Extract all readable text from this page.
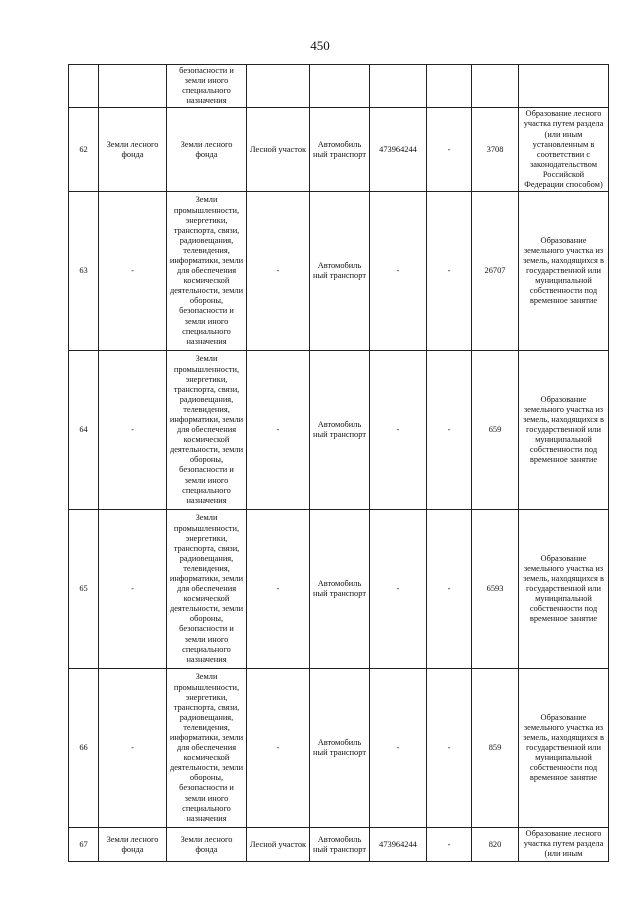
450
		безопасности и
земли иного
специального
назначения						
62	Земли лесного фонда	Земли лесного фонда	Лесной участок	Автомобиль ный транспорт	473964244	-	3708	Образование лесного участка путем раздела (или иным установленным в соответствии с законодательством Российской Федерации способом)
63	-	Земли промышленности, энергетики, транспорта, связи, радиовещания, телевидения, информатики, земли для обеспечения космической деятельности, земли обороны, безопасности и земли иного специального назначения	-	Автомобиль ный транспорт	-	-	26707	Образование земельного участка из земель, находящихся в государственной или муниципальной собственности под временное занятие
64	-	Земли промышленности, энергетики, транспорта, связи, радиовещания, телевидения, информатики, земли для обеспечения космической деятельности, земли обороны, безопасности и земли иного специального назначения	-	Автомобиль ный транспорт	-	-	659	Образование земельного участка из земель, находящихся в государственной или муниципальной собственности под временное занятие
65	-	Земли промышленности, энергетики, транспорта, связи, радиовещания, телевидения, информатики, земли для обеспечения космической деятельности, земли обороны, безопасности и земли иного специального назначения	-	Автомобиль ный транспорт	-	-	6593	Образование земельного участка из земель, находящихся в государственной или муниципальной собственности под временное занятие
66	-	Земли промышленности, энергетики, транспорта, связи, радиовещания, телевидения, информатики, земли для обеспечения космической деятельности, земли обороны, безопасности и земли иного специального назначения	-	Автомобиль ный транспорт	-	-	859	Образование земельного участка из земель, находящихся в государственной или муниципальной собственности под временное занятие
67	Земли лесного фонда	Земли лесного фонда	Лесной участок	Автомобиль ный транспорт	473964244	-	820	Образование лесного участка путем раздела (или иным
